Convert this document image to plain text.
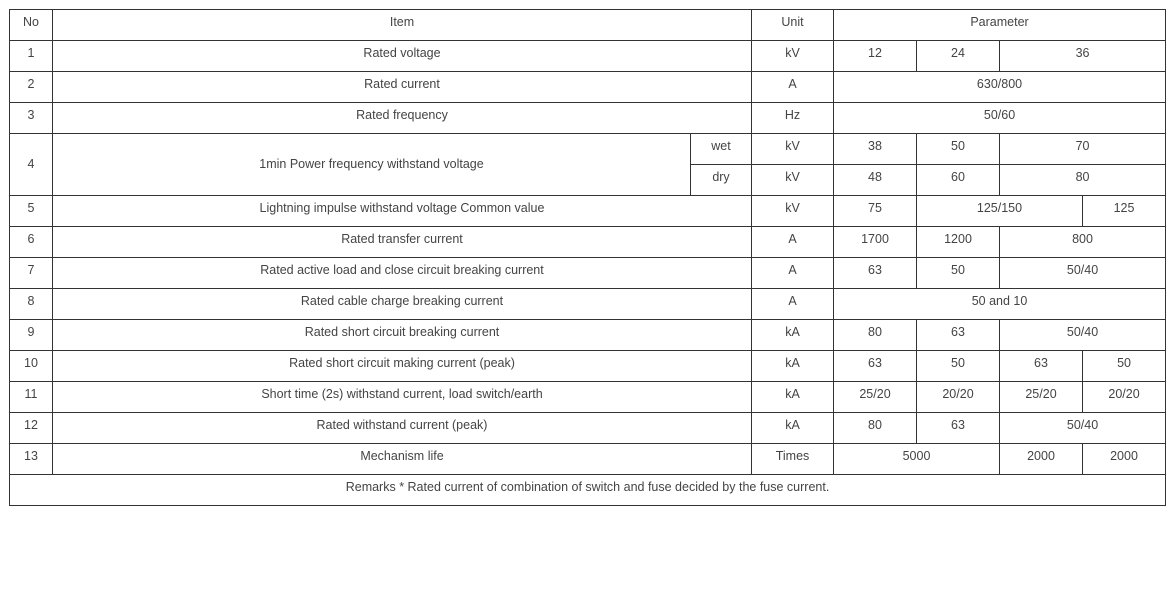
No	Item		Unit	Parameter			
1	Rated voltage		kV	12	24	36	
2	Rated current		A	630/800			
3	Rated frequency		Hz	50/60			
4	1min Power frequency withstand voltage	wet	kV	38	50	70	
		dry	kV	48	60	80	
5	Lightning impulse withstand voltage Common value		kV	75	125/150		125
6	Rated transfer current		A	1700	1200	800	
7	Rated active load and close circuit breaking current		A	63	50	50/40	
8	Rated cable charge breaking current		A	50 and 10			
9	Rated short circuit breaking current		kA	80	63	50/40	
10	Rated short circuit making current (peak)		kA	63	50	63	50
11	Short time (2s) withstand current, load switch/earth		kA	25/20	20/20	25/20	20/20
12	Rated withstand current (peak)		kA	80	63	50/40	
13	Mechanism life		Times	5000		2000	2000
Remarks * Rated current of combination of switch and fuse decided by the fuse current.							
